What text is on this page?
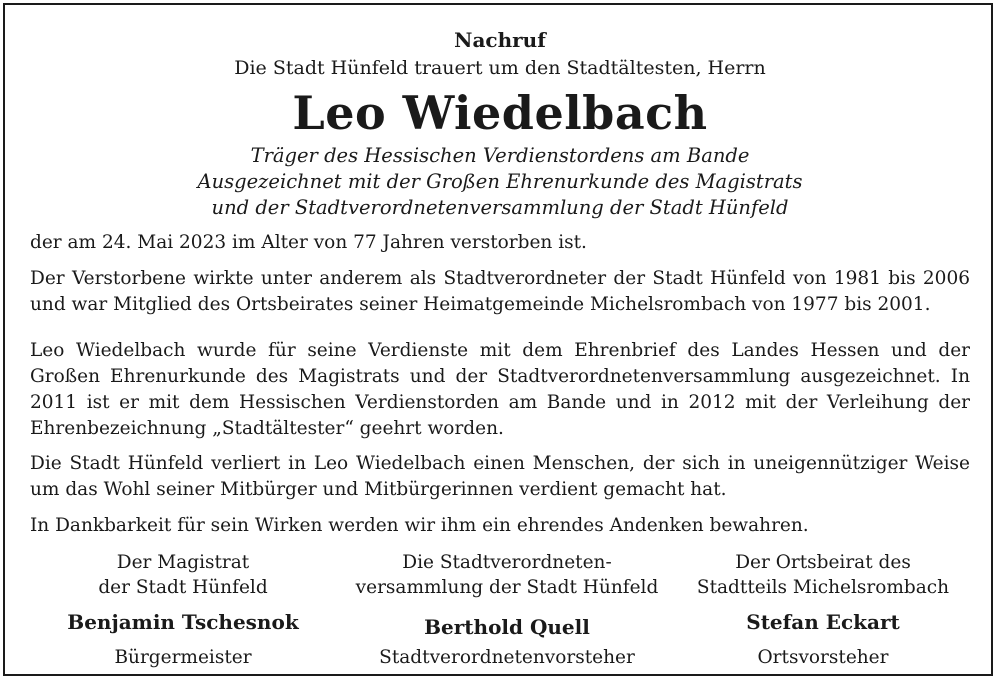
Nachruf
Die Stadt Hünfeld trauert um den Stadtältesten, Herrn
Leo Wiedelbach
Träger des Hessischen Verdienstordens am Bande
Ausgezeichnet mit der Großen Ehrenurkunde des Magistrats
und der Stadtverordnetenversammlung der Stadt Hünfeld
der am 24. Mai 2023 im Alter von 77 Jahren verstorben ist.
Der Verstorbene wirkte unter anderem als Stadtverordneter der Stadt Hünfeld von 1981 bis 2006 und war Mitglied des Ortsbeirates seiner Heimatgemeinde Michelsrombach von 1977 bis 2001.
Leo Wiedelbach wurde für seine Verdienste mit dem Ehrenbrief des Landes Hessen und der Großen Ehrenurkunde des Magistrats und der Stadtverordnetenversammlung ausgezeichnet. In 2011 ist er mit dem Hessischen Verdienstorden am Bande und in 2012 mit der Verleihung der Ehrenbezeichnung „Stadtältester“ geehrt worden.
Die Stadt Hünfeld verliert in Leo Wiedelbach einen Menschen, der sich in uneigennütziger Weise um das Wohl seiner Mitbürger und Mitbürgerinnen verdient gemacht hat.
In Dankbarkeit für sein Wirken werden wir ihm ein ehrendes Andenken bewahren.
Der Magistrat
der Stadt Hünfeld
Benjamin Tschesnok
Bürgermeister
Die Stadtverordneten-
versammlung der Stadt Hünfeld
Berthold Quell
Stadtverordnetenvorsteher
Der Ortsbeirat des
Stadtteils Michelsrombach
Stefan Eckart
Ortsvorsteher
